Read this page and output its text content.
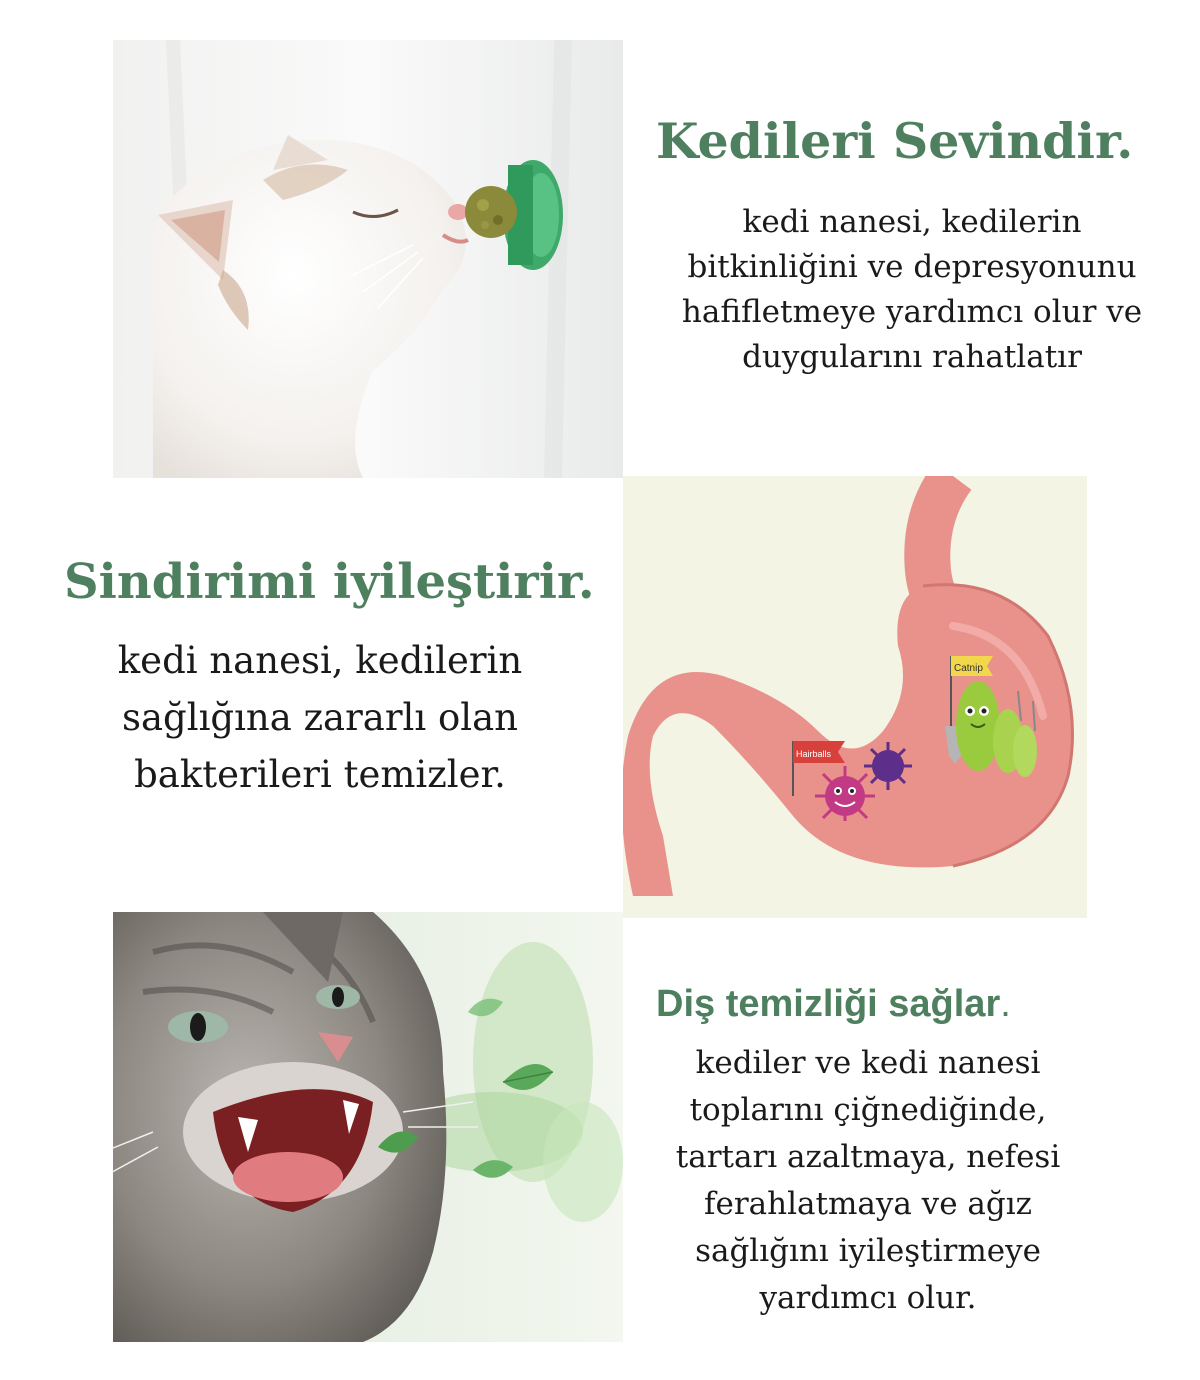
Kedileri Sevindir.
kedi nanesi, kedilerin
bitkinliğini ve depresyonunu
hafifletmeye yardımcı olur ve
duygularını rahatlatır
Hairballs
Catnip
Sindirimi iyileştirir.
kedi nanesi, kedilerin
sağlığına zararlı olan
bakterileri temizler.
Diş temizliği sağlar.
kediler ve kedi nanesi
toplarını çiğnediğinde,
tartarı azaltmaya, nefesi
ferahlatmaya ve ağız
sağlığını iyileştirmeye
yardımcı olur.
